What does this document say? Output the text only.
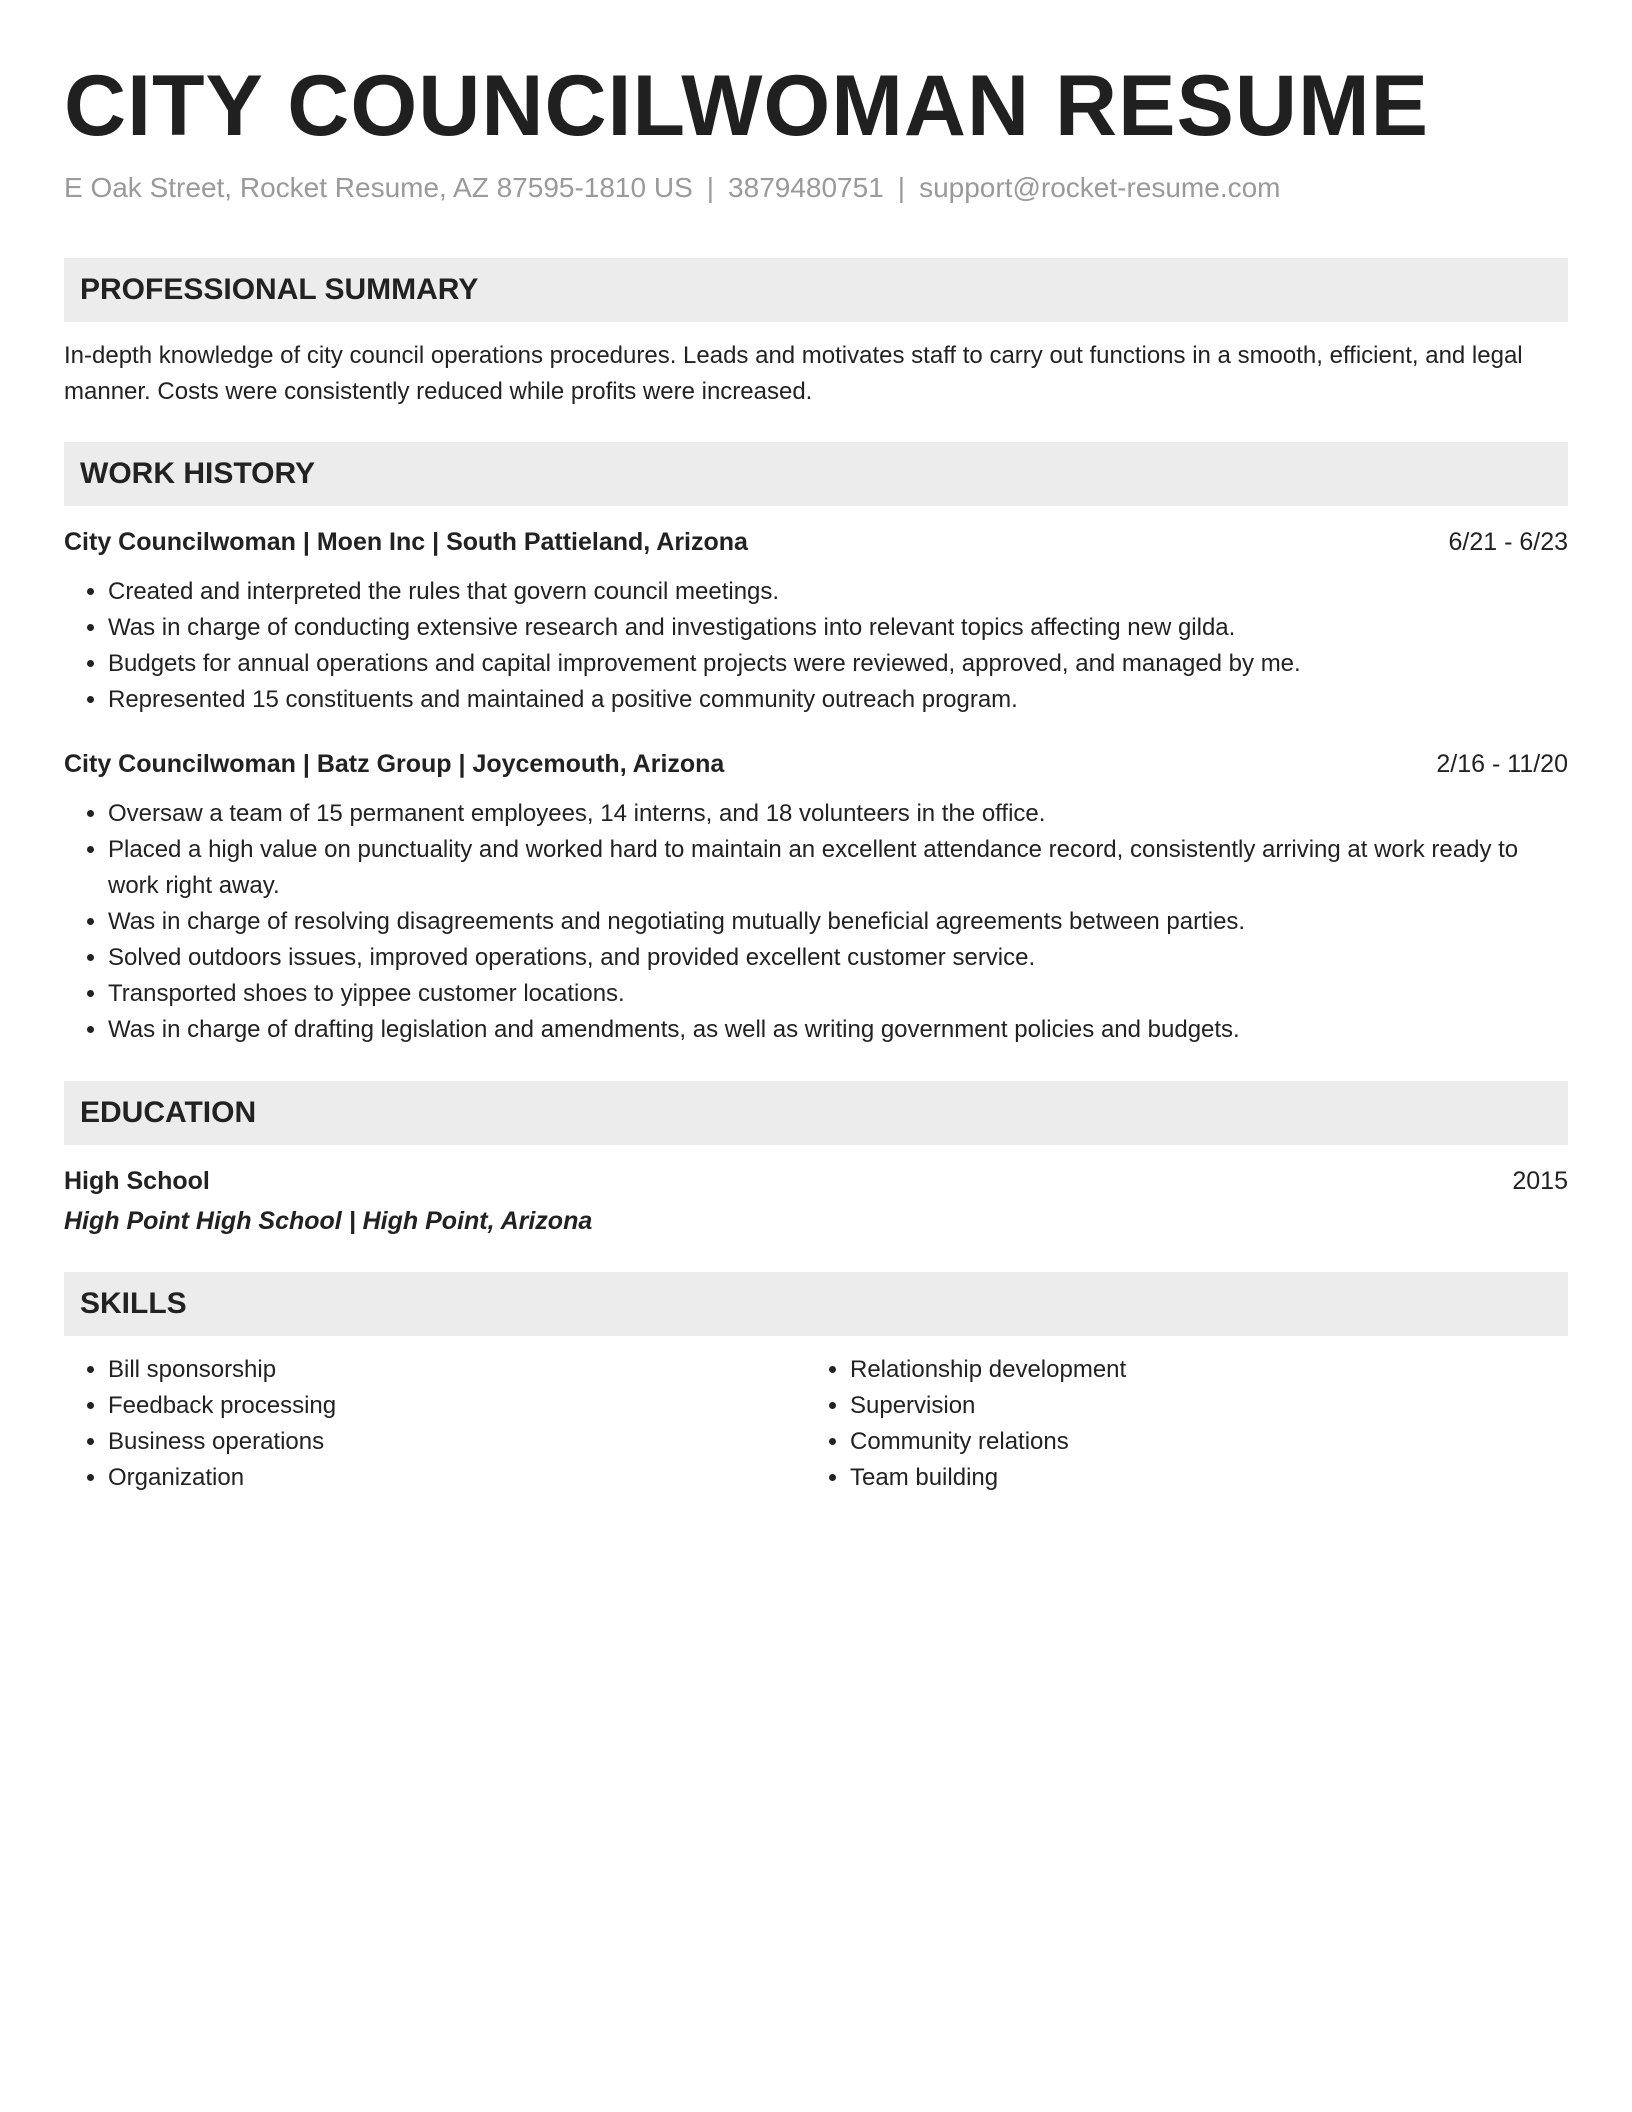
CITY COUNCILWOMAN RESUME
E Oak Street, Rocket Resume, AZ 87595-1810 US | 3879480751 | support@rocket-resume.com
PROFESSIONAL SUMMARY
In-depth knowledge of city council operations procedures. Leads and motivates staff to carry out functions in a smooth, efficient, and legal manner. Costs were consistently reduced while profits were increased.
WORK HISTORY
City Councilwoman | Moen Inc | South Pattieland, Arizona	6/21 - 6/23
• Created and interpreted the rules that govern council meetings.
• Was in charge of conducting extensive research and investigations into relevant topics affecting new gilda.
• Budgets for annual operations and capital improvement projects were reviewed, approved, and managed by me.
• Represented 15 constituents and maintained a positive community outreach program.
City Councilwoman | Batz Group | Joycemouth, Arizona	2/16 - 11/20
• Oversaw a team of 15 permanent employees, 14 interns, and 18 volunteers in the office.
• Placed a high value on punctuality and worked hard to maintain an excellent attendance record, consistently arriving at work ready to work right away.
• Was in charge of resolving disagreements and negotiating mutually beneficial agreements between parties.
• Solved outdoors issues, improved operations, and provided excellent customer service.
• Transported shoes to yippee customer locations.
• Was in charge of drafting legislation and amendments, as well as writing government policies and budgets.
EDUCATION
High School	2015
High Point High School | High Point, Arizona
SKILLS
• Bill sponsorship
• Feedback processing
• Business operations
• Organization
• Relationship development
• Supervision
• Community relations
• Team building
